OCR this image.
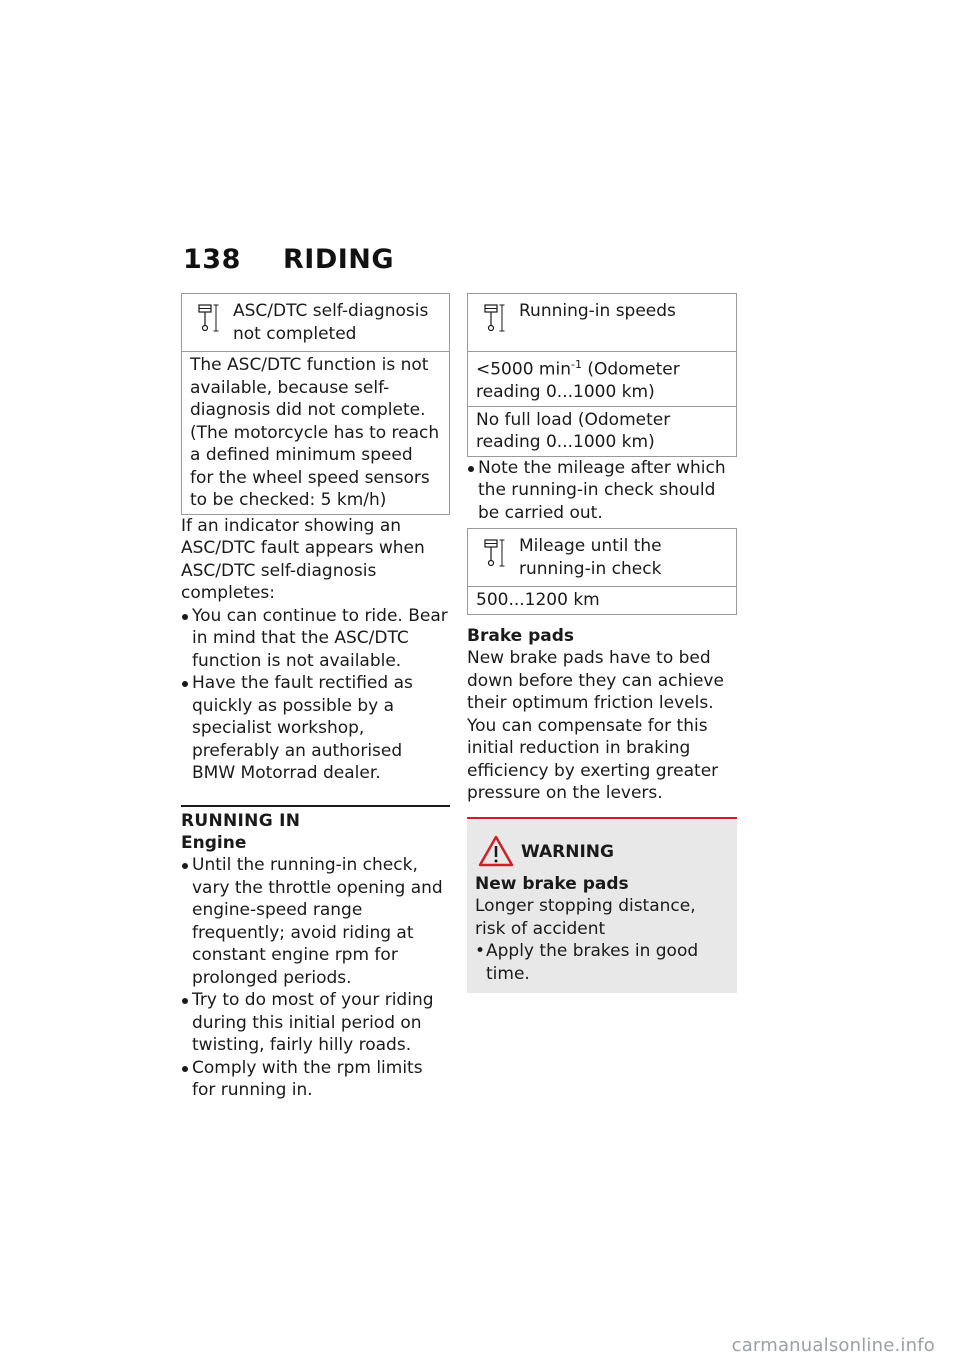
138 RIDING
ASC/DTC self-diagnosis not completed
The ASC/DTC function is not available, because self-diagnosis did not complete. (The motorcycle has to reach a defined minimum speed for the wheel speed sensors to be checked: 5 km/h)

If an indicator showing an ASC/DTC fault appears when ASC/DTC self-diagnosis completes:

You can continue to ride. Bear in mind that the ASC/DTC function is not available.
Have the fault rectified as quickly as possible by a specialist workshop, preferably an authorised BMW Motorrad dealer.
RUNNING IN
Engine
Until the running-in check, vary the throttle opening and engine-speed range frequently; avoid riding at constant engine rpm for prolonged periods.
Try to do most of your riding during this initial period on twisting, fairly hilly roads.
Comply with the rpm limits for running in.
Running-in speeds
<5000 $\min^{-1}$ (Odometer reading 0...1000 km)
No full load (Odometer reading 0...1000 km)
Note the mileage after which the running-in check should be carried out.
Mileage until the running-in check
500...1200 km
Brake pads

New brake pads have to bed down before they can achieve their optimum friction levels. You can compensate for this initial reduction in braking efficiency by exerting greater pressure on the levers.

WARNING
New brake pads
Longer stopping distance, risk of accident
• Apply the brakes in good time.
carmanualsonline.info
